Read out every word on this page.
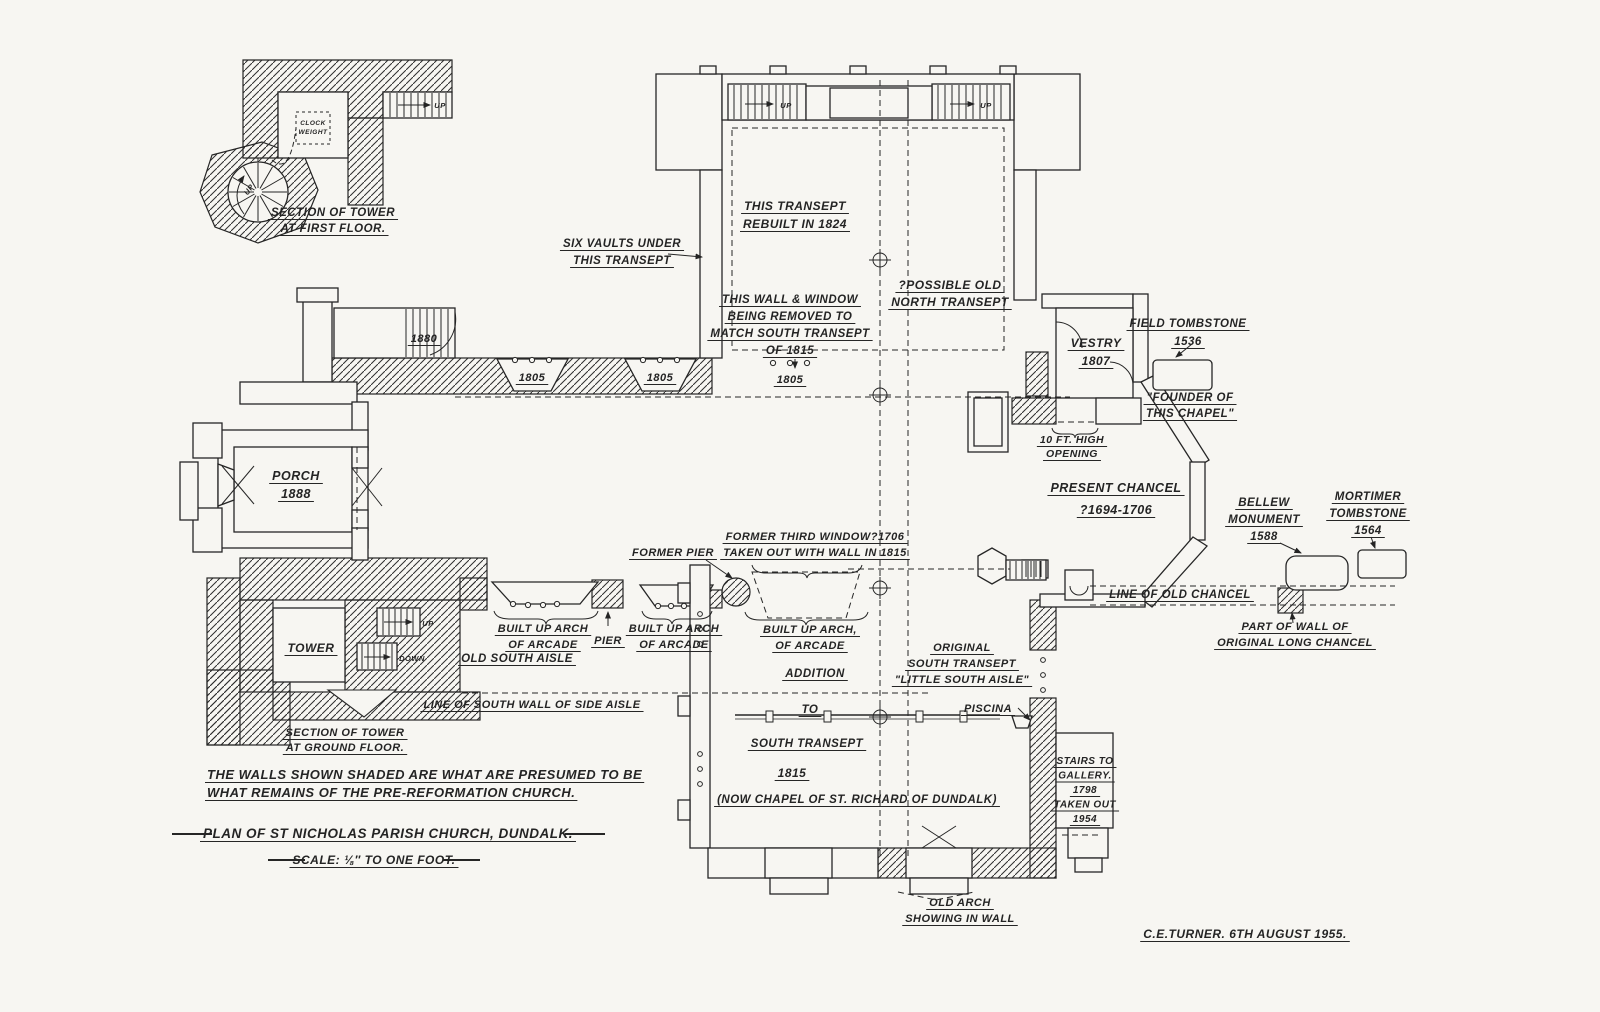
SECTION OF TOWER
AT FIRST FLOOR.
SIX VAULTS UNDER
THIS TRANSEPT
THIS TRANSEPT
REBUILT IN 1824
THIS WALL & WINDOW
BEING REMOVED TO
MATCH SOUTH TRANSEPT
OF 1815
?POSSIBLE OLD
NORTH TRANSEPT
VESTRY
1807
FIELD TOMBSTONE
1536
"FOUNDER OF
THIS CHAPEL"
10 FT. HIGH
OPENING
1880
1805	1805	1805
PORCH
1888	PRESENT CHANCEL
?1694-1706	BELLEW
MONUMENT
1588
MORTIMER
TOMBSTONE
1564
FORMER THIRD WINDOW?1706
TAKEN OUT WITH WALL IN 1815
FORMER PIER
LINE OF OLD CHANCEL
PART OF WALL OF
ORIGINAL LONG CHANCEL
BUILT UP ARCH
OF ARCADE PIER
BUILT UP ARCH
OF ARCADE
BUILT UP ARCH,
OF ARCADE
OLD SOUTH AISLE
ADDITION
LINE OF SOUTH WALL OF SIDE AISLE	TO
SOUTH TRANSEPT
1815
(NOW CHAPEL OF ST. RICHARD OF DUNDALK)
ORIGINAL
SOUTH TRANSEPT
"LITTLE SOUTH AISLE"
PISCINA
STAIRS TO
GALLERY.
1798
TAKEN OUT
1954
TOWER
SECTION OF TOWER
AT GROUND FLOOR.
THE WALLS SHOWN SHADED ARE WHAT ARE PRESUMED TO BE
WHAT REMAINS OF THE PRE-REFORMATION CHURCH.
PLAN OF ST NICHOLAS PARISH CHURCH, DUNDALK.
SCALE: ⅛″ TO ONE FOOT.
OLD ARCH
SHOWING IN WALL
C.E.TURNER. 6TH AUGUST 1955.
UP
UP
UP	UP
UP
DOWN
CLOCK
WEIGHT
